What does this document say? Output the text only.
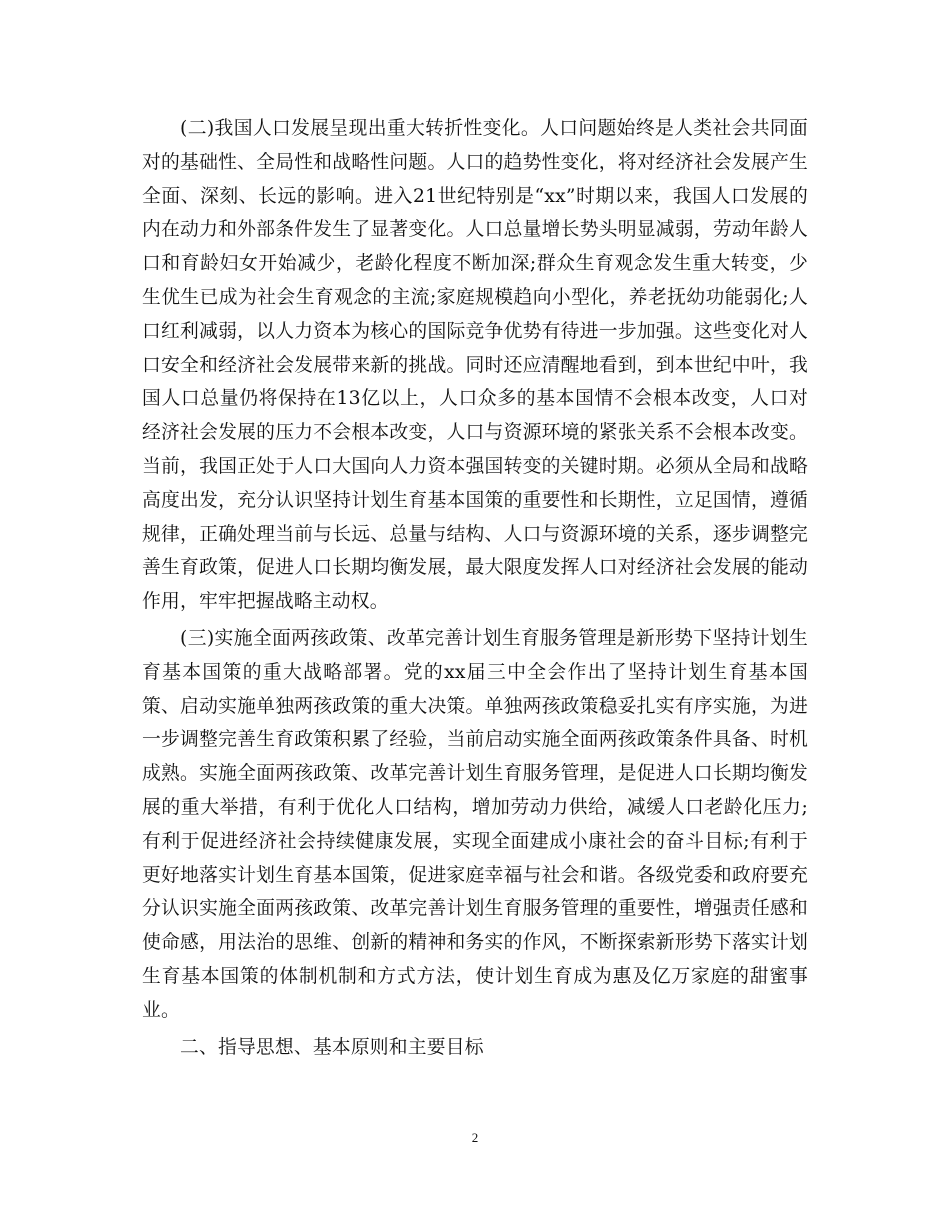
(二)我国人口发展呈现出重大转折性变化。人口问题始终是人类社会共同面对的基础性、全局性和战略性问题。人口的趋势性变化，将对经济社会发展产生全面、深刻、长远的影响。进入21世纪特别是“xx”时期以来，我国人口发展的内在动力和外部条件发生了显著变化。人口总量增长势头明显减弱，劳动年龄人口和育龄妇女开始减少，老龄化程度不断加深;群众生育观念发生重大转变，少生优生已成为社会生育观念的主流;家庭规模趋向小型化，养老抚幼功能弱化;人口红利减弱，以人力资本为核心的国际竞争优势有待进一步加强。这些变化对人口安全和经济社会发展带来新的挑战。同时还应清醒地看到，到本世纪中叶，我国人口总量仍将保持在13亿以上，人口众多的基本国情不会根本改变，人口对经济社会发展的压力不会根本改变，人口与资源环境的紧张关系不会根本改变。当前，我国正处于人口大国向人力资本强国转变的关键时期。必须从全局和战略高度出发，充分认识坚持计划生育基本国策的重要性和长期性，立足国情，遵循规律，正确处理当前与长远、总量与结构、人口与资源环境的关系，逐步调整完善生育政策，促进人口长期均衡发展，最大限度发挥人口对经济社会发展的能动作用，牢牢把握战略主动权。

(三)实施全面两孩政策、改革完善计划生育服务管理是新形势下坚持计划生育基本国策的重大战略部署。党的xx届三中全会作出了坚持计划生育基本国策、启动实施单独两孩政策的重大决策。单独两孩政策稳妥扎实有序实施，为进一步调整完善生育政策积累了经验，当前启动实施全面两孩政策条件具备、时机成熟。实施全面两孩政策、改革完善计划生育服务管理，是促进人口长期均衡发展的重大举措，有利于优化人口结构，增加劳动力供给，减缓人口老龄化压力;有利于促进经济社会持续健康发展，实现全面建成小康社会的奋斗目标;有利于更好地落实计划生育基本国策，促进家庭幸福与社会和谐。各级党委和政府要充分认识实施全面两孩政策、改革完善计划生育服务管理的重要性，增强责任感和使命感，用法治的思维、创新的精神和务实的作风，不断探索新形势下落实计划生育基本国策的体制机制和方式方法，使计划生育成为惠及亿万家庭的甜蜜事业。

二、指导思想、基本原则和主要目标

2
